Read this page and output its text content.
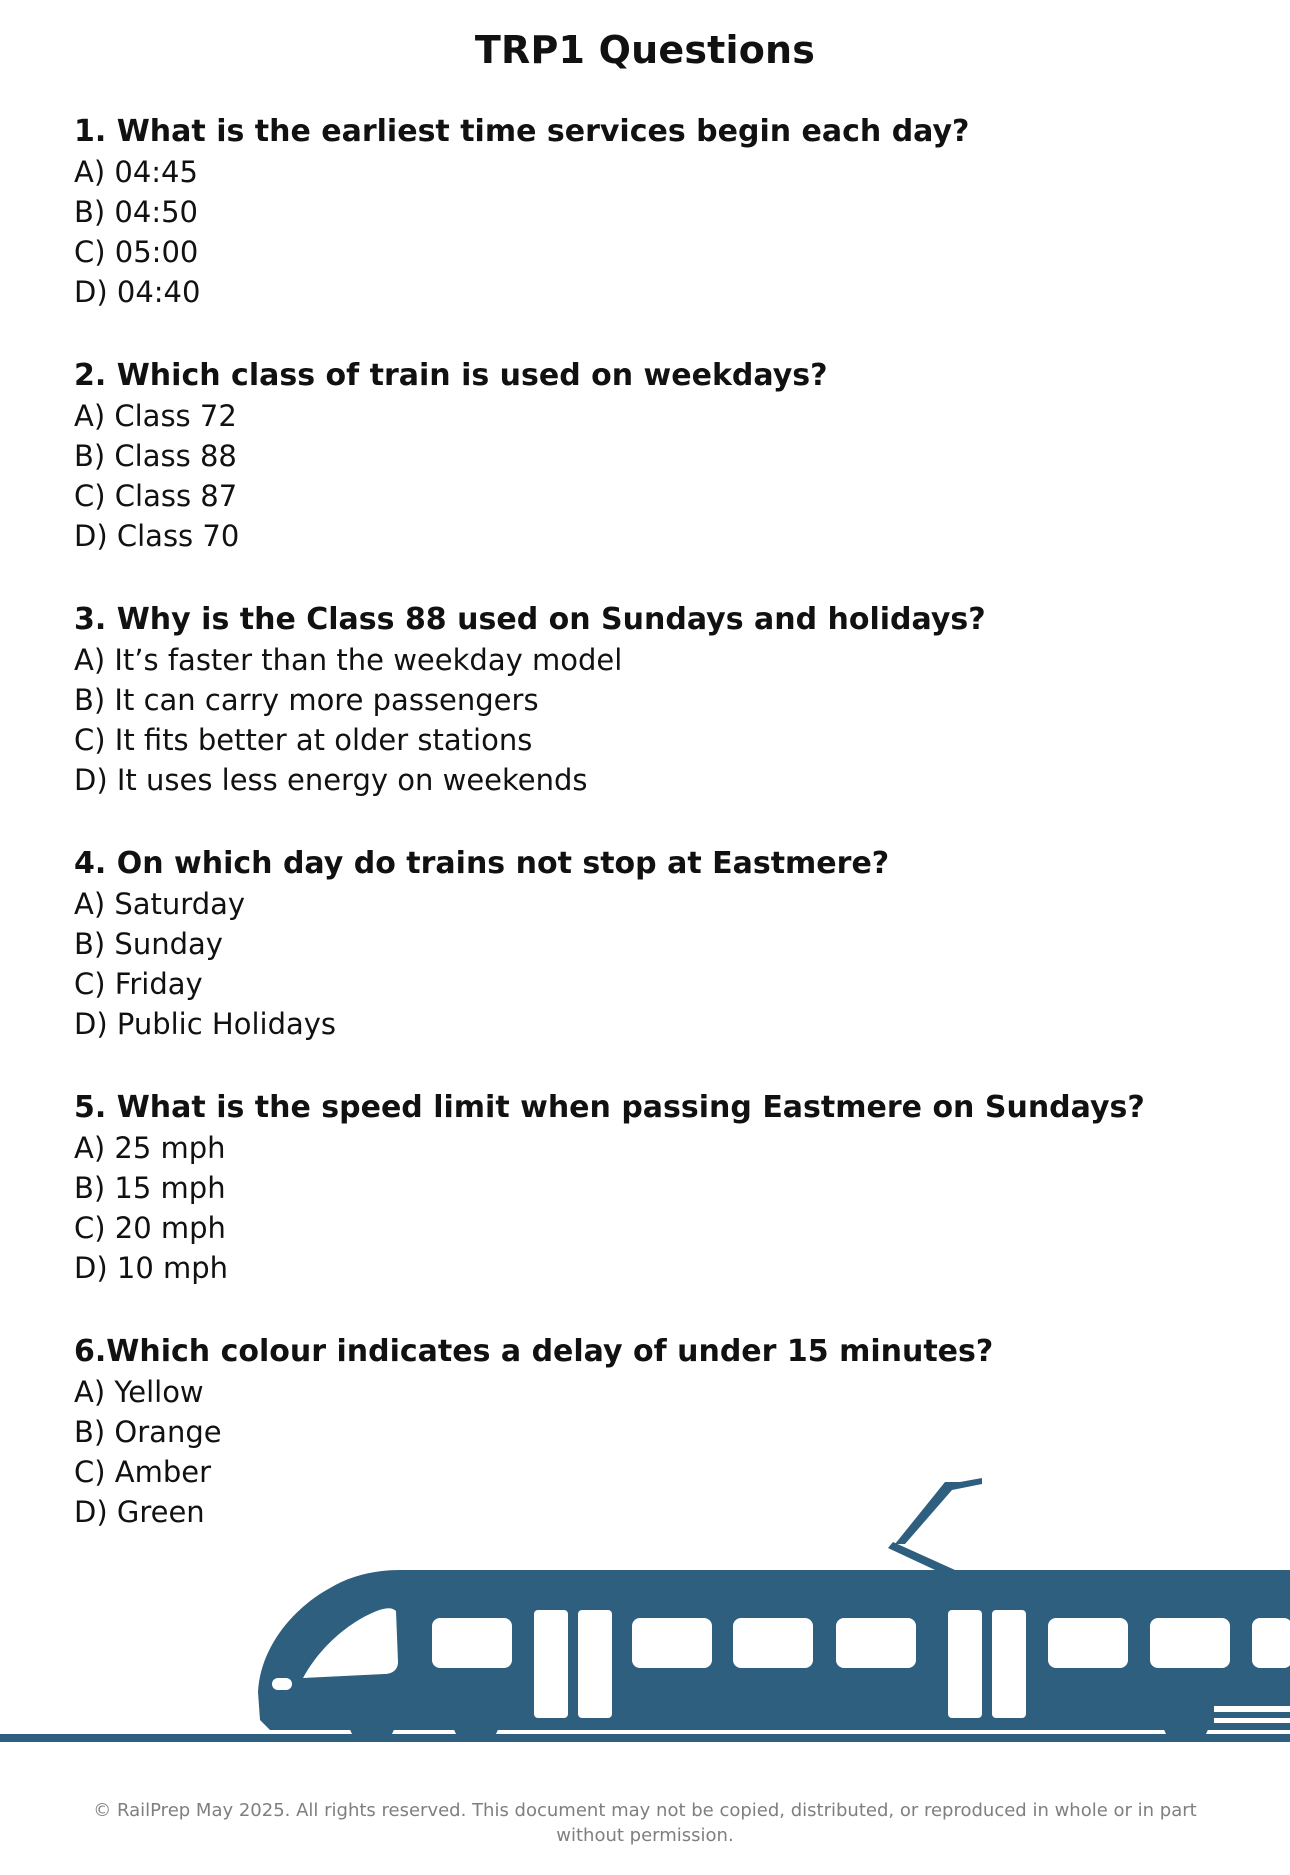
TRP1 Questions
1. What is the earliest time services begin each day?
A) 04:45
B) 04:50
C) 05:00
D) 04:40
2. Which class of train is used on weekdays?
A) Class 72
B) Class 88
C) Class 87
D) Class 70
3. Why is the Class 88 used on Sundays and holidays?
A) It’s faster than the weekday model
B) It can carry more passengers
C) It fits better at older stations
D) It uses less energy on weekends
4. On which day do trains not stop at Eastmere?
A) Saturday
B) Sunday
C) Friday
D) Public Holidays
5. What is the speed limit when passing Eastmere on Sundays?
A) 25 mph
B) 15 mph
C) 20 mph
D) 10 mph
6.Which colour indicates a delay of under 15 minutes?
A) Yellow
B) Orange
C) Amber
D) Green
© RailPrep May 2025. All rights reserved. This document may not be copied, distributed, or reproduced in whole or in part
without permission.
